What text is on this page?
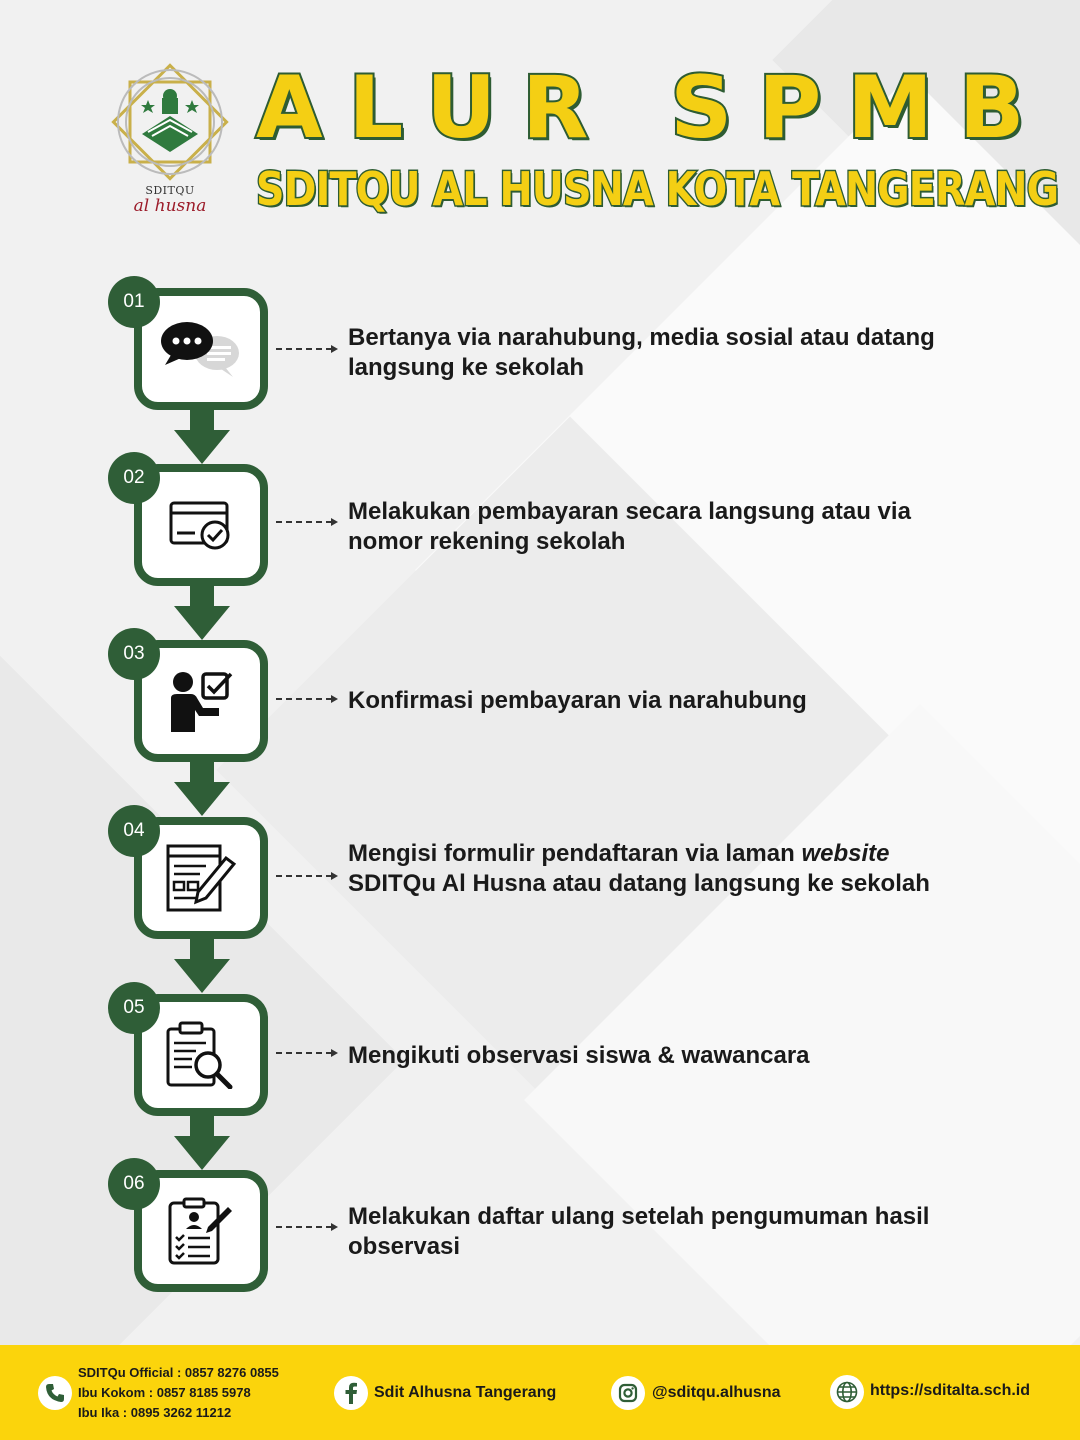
SDITQU
al husna
ALUR SPMB
SDITQU AL HUSNA KOTA TANGERANG
01
Bertanya via narahubung, media sosial atau datang langsung ke sekolah
02
Melakukan pembayaran secara langsung atau via nomor rekening sekolah
03
Konfirmasi pembayaran via narahubung
04
Mengisi formulir pendaftaran via laman website SDITQu Al Husna atau datang langsung ke sekolah
05
Mengikuti observasi siswa & wawancara
06
Melakukan daftar ulang setelah pengumuman hasil observasi
SDITQu Official : 0857 8276 0855
Ibu Kokom : 0857 8185 5978
Ibu Ika : 0895 3262 11212
Sdit Alhusna Tangerang	@sditqu.alhusna	https://sditalta.sch.id
